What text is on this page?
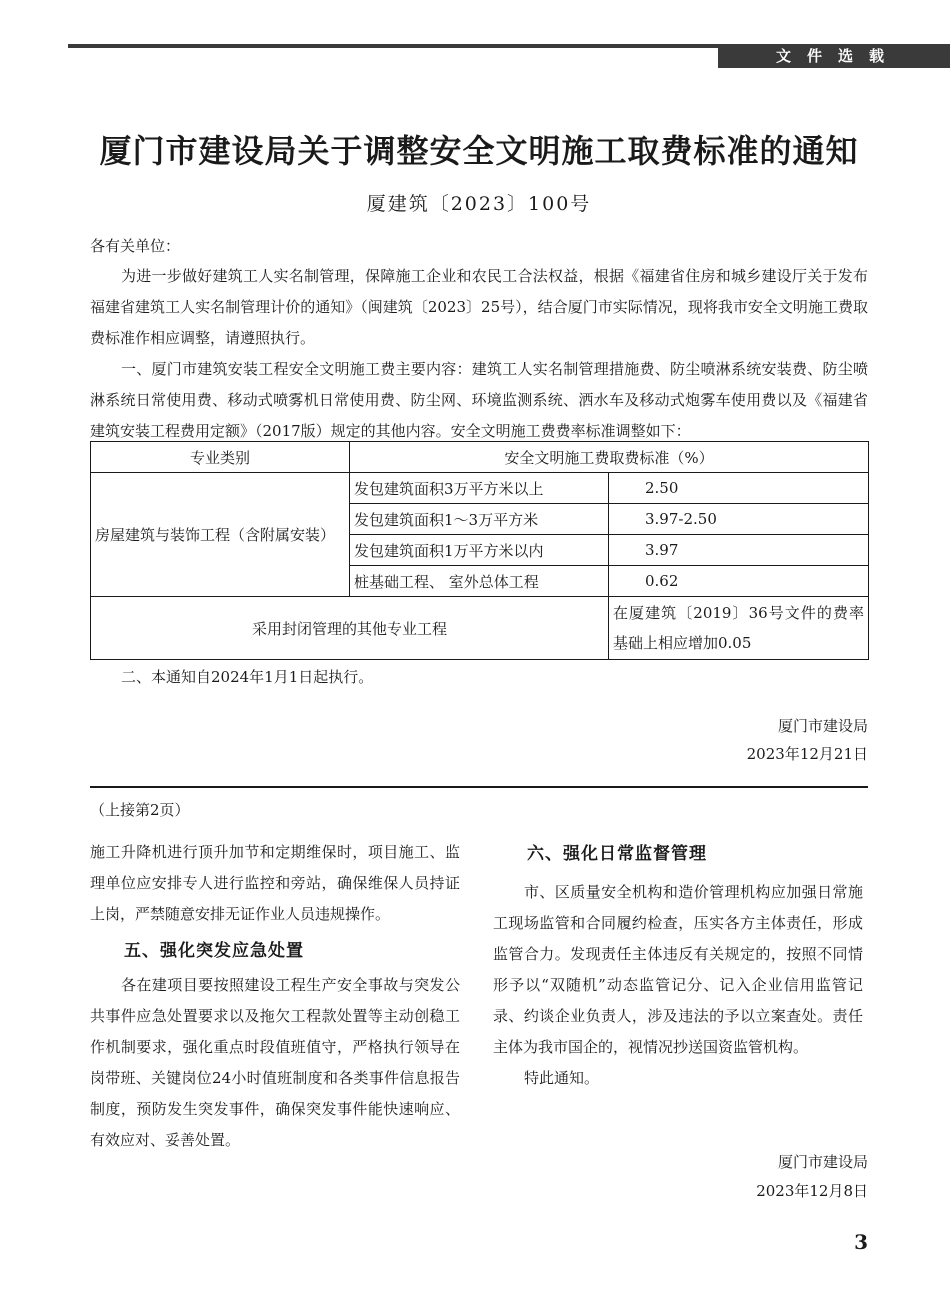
文件选载
厦门市建设局关于调整安全文明施工取费标准的通知
厦建筑〔2023〕100号
各有关单位：
为进一步做好建筑工人实名制管理，保障施工企业和农民工合法权益，根据《福建省住房和城乡建设厅关于发布福建省建筑工人实名制管理计价的通知》（闽建筑〔2023〕25号），结合厦门市实际情况，现将我市安全文明施工费取费标准作相应调整，请遵照执行。
一、厦门市建筑安装工程安全文明施工费主要内容：建筑工人实名制管理措施费、防尘喷淋系统安装费、防尘喷淋系统日常使用费、移动式喷雾机日常使用费、防尘网、环境监测系统、洒水车及移动式炮雾车使用费以及《福建省建筑安装工程费用定额》（2017版）规定的其他内容。安全文明施工费费率标准调整如下：
专业类别	安全文明施工费取费标准（%）	
房屋建筑与装饰工程（含附属安装）	发包建筑面积3万平方米以上	2.50
	发包建筑面积1～3万平方米	3.97-2.50
	发包建筑面积1万平方米以内	3.97
	桩基础工程、 室外总体工程	0.62
采用封闭管理的其他专业工程		在厦建筑〔2019〕36号文件的费率基础上相应增加0.05
二、本通知自2024年1月1日起执行。
厦门市建设局
2023年12月21日
（上接第2页）

施工升降机进行顶升加节和定期维保时，项目施工、监理单位应安排专人进行监控和旁站，确保维保人员持证上岗，严禁随意安排无证作业人员违规操作。

五、强化突发应急处置

各在建项目要按照建设工程生产安全事故与突发公共事件应急处置要求以及拖欠工程款处置等主动创稳工作机制要求，强化重点时段值班值守，严格执行领导在岗带班、关键岗位24小时值班制度和各类事件信息报告制度，预防发生突发事件，确保突发事件能快速响应、有效应对、妥善处置。

六、强化日常监督管理

市、区质量安全机构和造价管理机构应加强日常施工现场监管和合同履约检查，压实各方主体责任，形成监管合力。发现责任主体违反有关规定的，按照不同情形予以“双随机”动态监管记分、记入企业信用监管记录、约谈企业负责人，涉及违法的予以立案查处。责任主体为我市国企的，视情况抄送国资监管机构。

特此通知。

厦门市建设局
2023年12月8日
3
